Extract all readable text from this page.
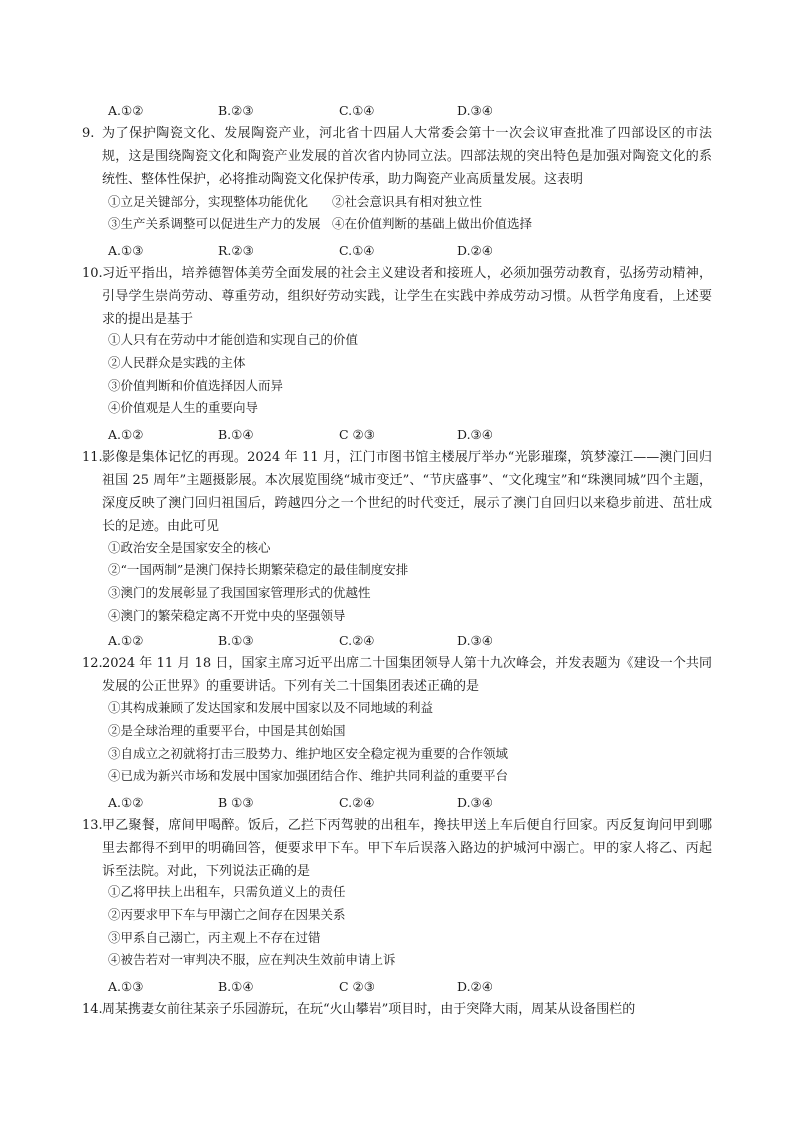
A.①②	B.②③	C.①④	D.③④
9. 为了保护陶瓷文化、发展陶瓷产业，河北省十四届人大常委会第十一次会议审查批准了四部设区的市法规，这是围绕陶瓷文化和陶瓷产业发展的首次省内协同立法。四部法规的突出特色是加强对陶瓷文化的系统性、整体性保护，必将推动陶瓷文化保护传承，助力陶瓷产业高质量发展。这表明
①立足关键部分，实现整体功能优化 ②社会意识具有相对独立性
③生产关系调整可以促进生产力的发展 ④在价值判断的基础上做出价值选择
A.①③	R.②③	C.①④	D.②④
10. 习近平指出，培养德智体美劳全面发展的社会主义建设者和接班人，必须加强劳动教育，弘扬劳动精神，引导学生崇尚劳动、尊重劳动，组织好劳动实践，让学生在实践中养成劳动习惯。从哲学角度看，上述要求的提出是基于
①人只有在劳动中才能创造和实现自己的价值
②人民群众是实践的主体
③价值判断和价值选择因人而异
④价值观是人生的重要向导
A.①②	B.①④	C ②③	D.③④
11. 影像是集体记忆的再现。2024 年 11 月，江门市图书馆主楼展厅举办“光影璀璨，筑梦濠江——澳门回归祖国 25 周年”主题摄影展。本次展览围绕“城市变迁”、“节庆盛事”、“文化瑰宝”和“珠澳同城”四个主题，深度反映了澳门回归祖国后，跨越四分之一个世纪的时代变迁，展示了澳门自回归以来稳步前进、茁壮成长的足迹。由此可见
①政治安全是国家安全的核心
②“一国两制”是澳门保持长期繁荣稳定的最佳制度安排
③澳门的发展彰显了我国国家管理形式的优越性
④澳门的繁荣稳定离不开党中央的坚强领导
A.①②	B.①③	C.②④	D.③④
12. 2024 年 11 月 18 日，国家主席习近平出席二十国集团领导人第十九次峰会，并发表题为《建设一个共同发展的公正世界》的重要讲话。下列有关二十国集团表述正确的是
①其构成兼顾了发达国家和发展中国家以及不同地域的利益
②是全球治理的重要平台，中国是其创始国
③自成立之初就将打击三股势力、维护地区安全稳定视为重要的合作领域
④已成为新兴市场和发展中国家加强团结合作、维护共同利益的重要平台
A.①②	B ①③	C.②④	D.③④
13. 甲乙聚餐，席间甲喝醉。饭后，乙拦下丙驾驶的出租车，搀扶甲送上车后便自行回家。丙反复询问甲到哪里去都得不到甲的明确回答，便要求甲下车。甲下车后误落入路边的护城河中溺亡。甲的家人将乙、丙起诉至法院。对此，下列说法正确的是
①乙将甲扶上出租车，只需负道义上的责任
②丙要求甲下车与甲溺亡之间存在因果关系
③甲系自己溺亡，丙主观上不存在过错
④被告若对一审判决不服，应在判决生效前申请上诉
A.①③	B.①④	C ②③	D.②④
14. 周某携妻女前往某亲子乐园游玩，在玩“火山攀岩”项目时，由于突降大雨，周某从设备围栏的
